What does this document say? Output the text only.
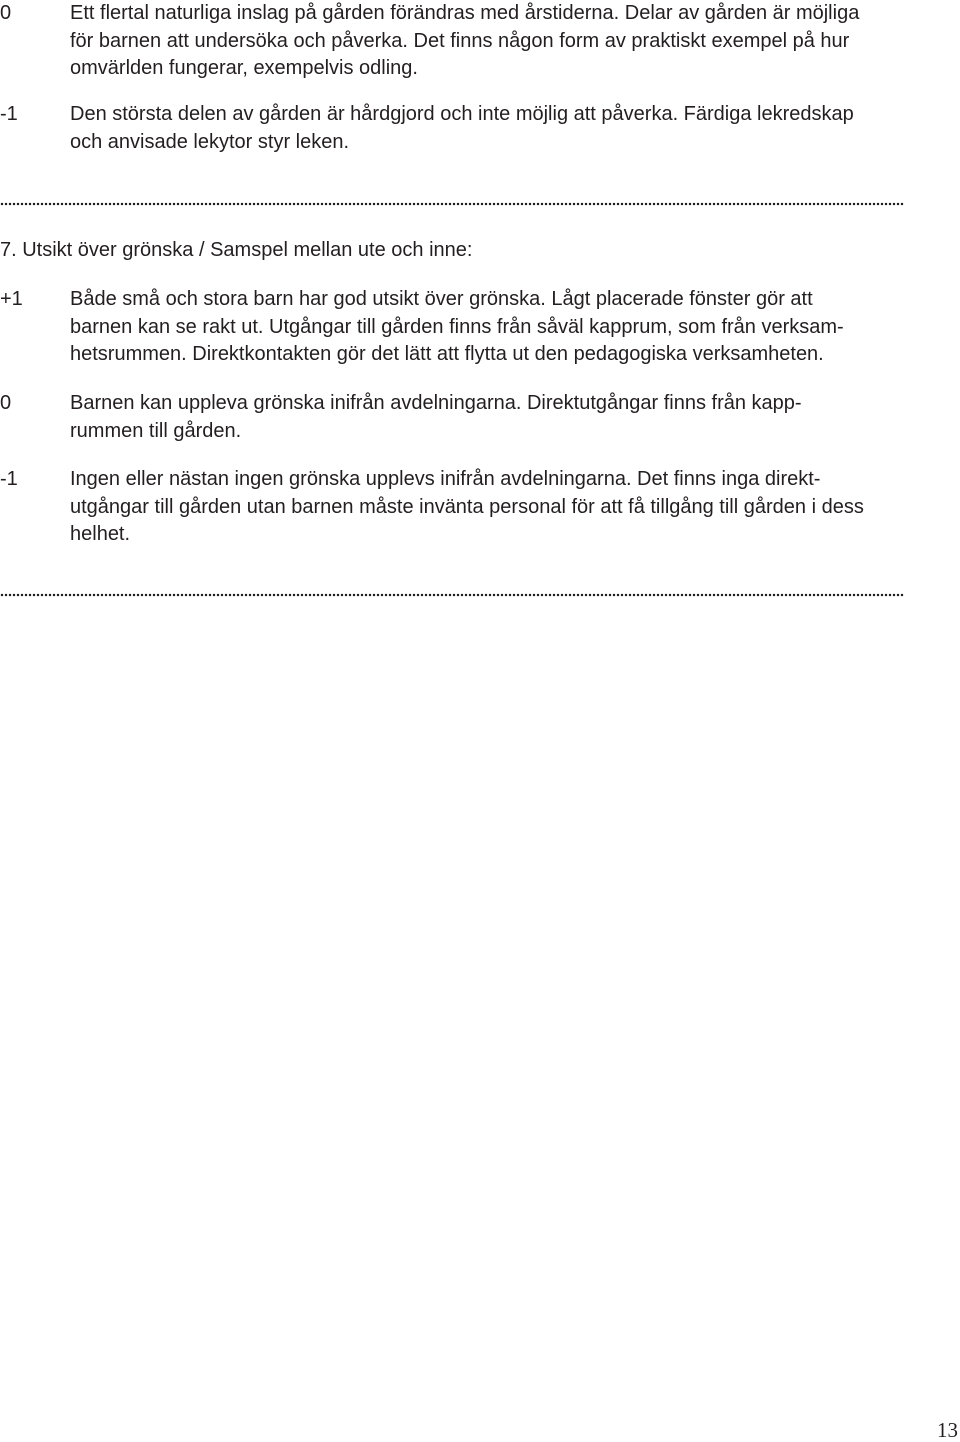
0	Ett flertal naturliga inslag på gården förändras med årstiderna. Delar av gården är möjliga
för barnen att undersöka och påverka. Det finns någon form av praktiskt exempel på hur
omvärlden fungerar, exempelvis odling.
-1	Den största delen av gården är hårdgjord och inte möjlig att påverka. Färdiga lekredskap
och anvisade lekytor styr leken.
7. Utsikt över grönska / Samspel mellan ute och inne:
+1 Både små och stora barn har god utsikt över grönska. Lågt placerade fönster gör att
barnen kan se rakt ut. Utgångar till gården finns från såväl kapprum, som från verksam-
hetsrummen. Direktkontakten gör det lätt att flytta ut den pedagogiska verksamheten.
0	Barnen kan uppleva grönska inifrån avdelningarna. Direktutgångar finns från kapp-
rummen till gården.
-1	Ingen eller nästan ingen grönska upplevs inifrån avdelningarna. Det finns inga direkt-
utgångar till gården utan barnen måste invänta personal för att få tillgång till gården i dess
helhet.
13
